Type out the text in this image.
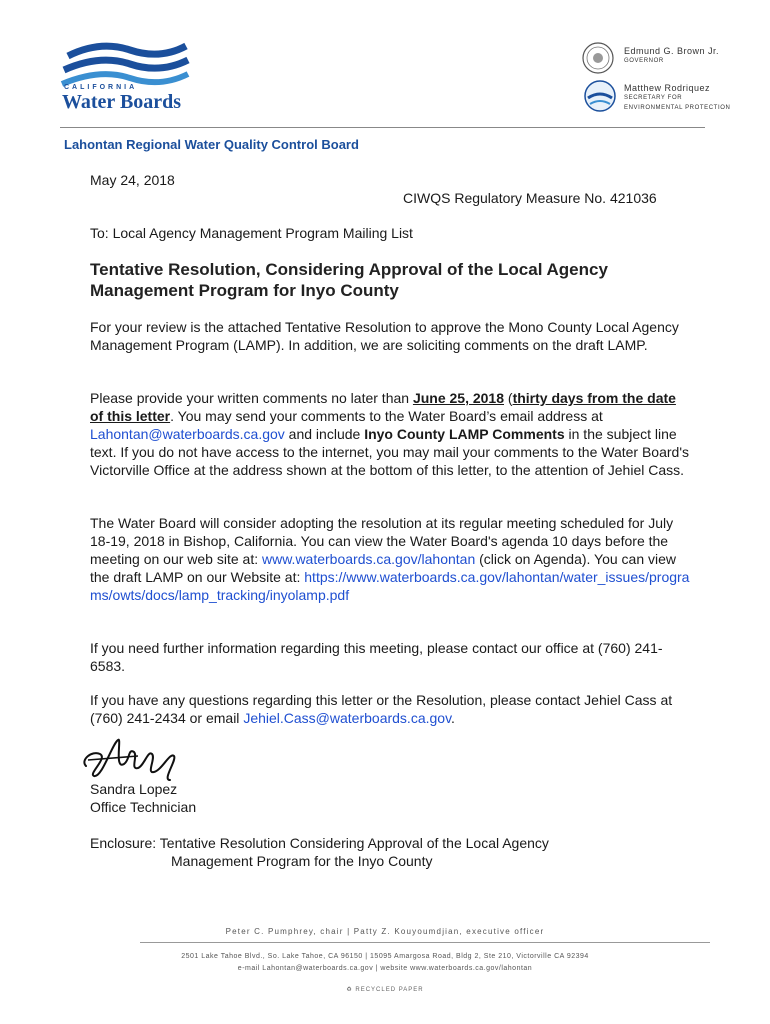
CALIFORNIA
Water Boards
Edmund G. Brown Jr.
GOVERNOR
Matthew Rodriquez
SECRETARY FOR
ENVIRONMENTAL PROTECTION
Lahontan Regional Water Quality Control Board
May 24, 2018
CIWQS Regulatory Measure No. 421036
To: Local Agency Management Program Mailing List
Tentative Resolution, Considering Approval of the Local Agency Management Program for Inyo County
For your review is the attached Tentative Resolution to approve the Mono County Local Agency Management Program (LAMP). In addition, we are soliciting comments on the draft LAMP.
Please provide your written comments no later than June 25, 2018 (thirty days from the date of this letter. You may send your comments to the Water Board’s email address at Lahontan@waterboards.ca.gov and include Inyo County LAMP Comments in the subject line text. If you do not have access to the internet, you may mail your comments to the Water Board's Victorville Office at the address shown at the bottom of this letter, to the attention of Jehiel Cass.
The Water Board will consider adopting the resolution at its regular meeting scheduled for July 18-19, 2018 in Bishop, California. You can view the Water Board's agenda 10 days before the meeting on our web site at: www.waterboards.ca.gov/lahontan (click on Agenda). You can view the draft LAMP on our Website at: https://www.waterboards.ca.gov/lahontan/water_issues/programs/owts/docs/lamp_tracking/inyolamp.pdf
If you need further information regarding this meeting, please contact our office at (760) 241-6583.
If you have any questions regarding this letter or the Resolution, please contact Jehiel Cass at (760) 241-2434 or email Jehiel.Cass@waterboards.ca.gov.
Sandra Lopez
Office Technician
Enclosure: Tentative Resolution Considering Approval of the Local Agency
Management Program for the Inyo County
Peter C. Pumphrey, chair | Patty Z. Kouyoumdjian, executive officer
2501 Lake Tahoe Blvd., So. Lake Tahoe, CA 96150 | 15095 Amargosa Road, Bldg 2, Ste 210, Victorville CA 92394
e-mail Lahontan@waterboards.ca.gov | website www.waterboards.ca.gov/lahontan
♻ RECYCLED PAPER
